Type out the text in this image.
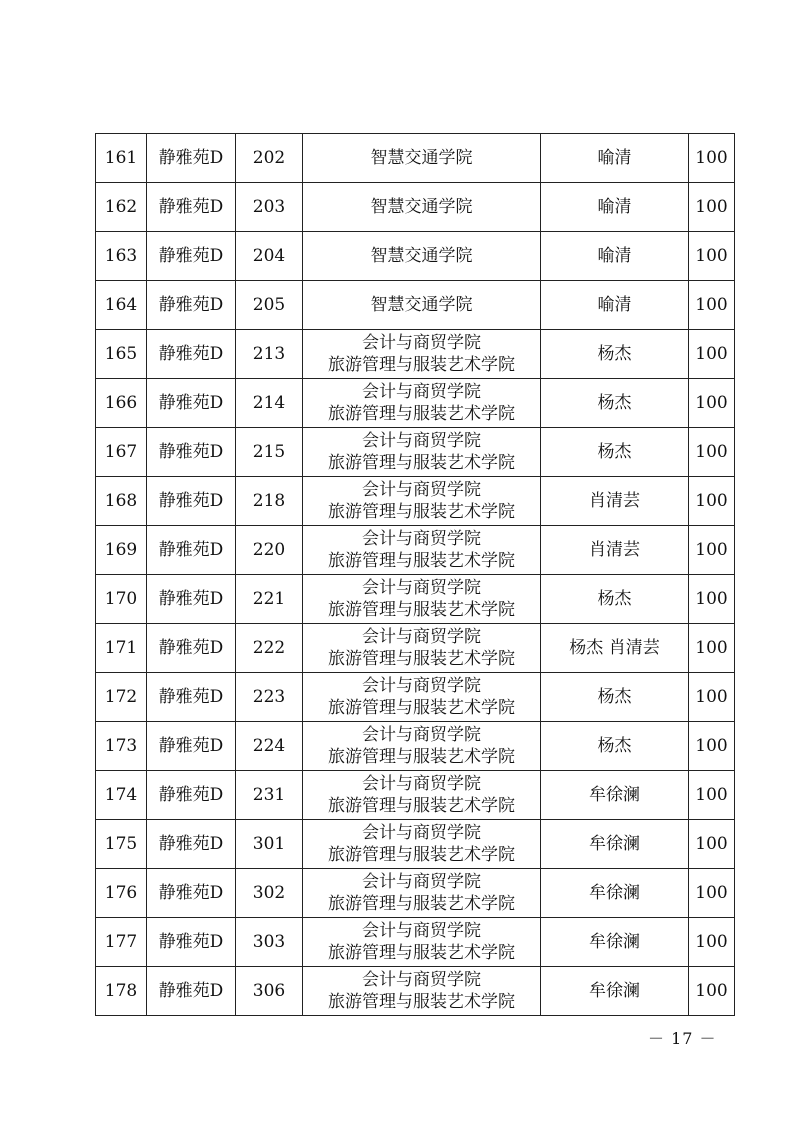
161	静雅苑D	202	智慧交通学院	喻清	100
162	静雅苑D	203	智慧交通学院	喻清	100
163	静雅苑D	204	智慧交通学院	喻清	100
164	静雅苑D	205	智慧交通学院	喻清	100
165	静雅苑D	213	会计与商贸学院
旅游管理与服装艺术学院	杨杰	100
166	静雅苑D	214	会计与商贸学院
旅游管理与服装艺术学院	杨杰	100
167	静雅苑D	215	会计与商贸学院
旅游管理与服装艺术学院	杨杰	100
168	静雅苑D	218	会计与商贸学院
旅游管理与服装艺术学院	肖清芸	100
169	静雅苑D	220	会计与商贸学院
旅游管理与服装艺术学院	肖清芸	100
170	静雅苑D	221	会计与商贸学院
旅游管理与服装艺术学院	杨杰	100
171	静雅苑D	222	会计与商贸学院
旅游管理与服装艺术学院	杨杰 肖清芸	100
172	静雅苑D	223	会计与商贸学院
旅游管理与服装艺术学院	杨杰	100
173	静雅苑D	224	会计与商贸学院
旅游管理与服装艺术学院	杨杰	100
174	静雅苑D	231	会计与商贸学院
旅游管理与服装艺术学院	牟徐澜	100
175	静雅苑D	301	会计与商贸学院
旅游管理与服装艺术学院	牟徐澜	100
176	静雅苑D	302	会计与商贸学院
旅游管理与服装艺术学院	牟徐澜	100
177	静雅苑D	303	会计与商贸学院
旅游管理与服装艺术学院	牟徐澜	100
178	静雅苑D	306	会计与商贸学院
旅游管理与服装艺术学院	牟徐澜	100
－ 17 －
